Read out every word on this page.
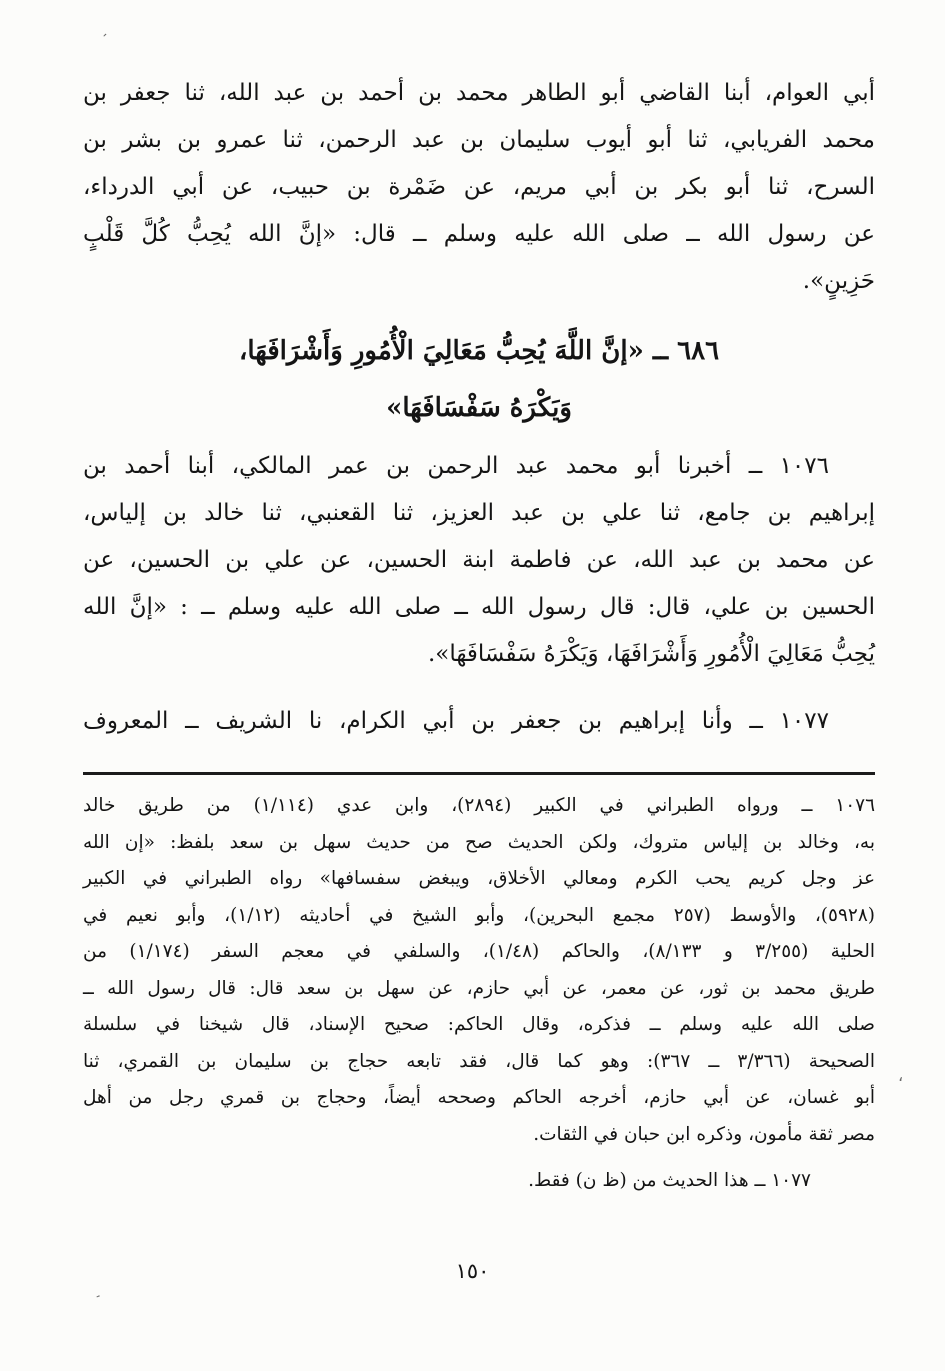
أبي العوام، أبنا القاضي أبو الطاهر محمد بن أحمد بن عبد الله، ثنا جعفر بن
محمد الفريابي، ثنا أبو أيوب سليمان بن عبد الرحمن، ثنا عمرو بن بشر بن
السرح، ثنا أبو بكر بن أبي مريم، عن ضَمْرة بن حبيب، عن أبي الدرداء،
عن رسول الله ــ صلى الله عليه وسلم ــ قال: «إنَّ الله يُحِبُّ كُلَّ قَلْبٍ
حَزِينٍ».
٦٨٦ ــ «إنَّ اللَّهَ يُحِبُّ مَعَالِيَ الْأُمُورِ وَأَشْرَافَهَا،
وَيَكْرَهُ سَفْسَافَهَا»
١٠٧٦ ــ أخبرنا أبو محمد عبد الرحمن بن عمر المالكي، أبنا أحمد بن
إبراهيم بن جامع، ثنا علي بن عبد العزيز، ثنا القعنبي، ثنا خالد بن إلياس،
عن محمد بن عبد الله، عن فاطمة ابنة الحسين، عن علي بن الحسين، عن
الحسين بن علي، قال: قال رسول الله ــ صلى الله عليه وسلم ــ : «إنَّ الله
يُحِبُّ مَعَالِيَ الْأُمُورِ وَأَشْرَافَهَا، وَيَكْرَهُ سَفْسَافَهَا».
١٠٧٧ ــ وأنا إبراهيم بن جعفر بن أبي الكرام، نا الشريف ــ المعروف
١٠٧٦ ــ ورواه الطبراني في الكبير (٢٨٩٤)، وابن عدي (١/١١٤) من طريق خالد
به، وخالد بن إلياس متروك، ولكن الحديث صح من حديث سهل بن سعد بلفظ: «إن الله
عز وجل كريم يحب الكرم ومعالي الأخلاق، ويبغض سفسافها» رواه الطبراني في الكبير
(٥٩٢٨)، والأوسط (٢٥٧ مجمع البحرين)، وأبو الشيخ في أحاديثه (١/١٢)، وأبو نعيم في
الحلية (٣/٢٥٥ و ٨/١٣٣)، والحاكم (١/٤٨)، والسلفي في معجم السفر (١/١٧٤) من
طريق محمد بن ثور، عن معمر، عن أبي حازم، عن سهل بن سعد قال: قال رسول الله ــ
صلى الله عليه وسلم ــ فذكره، وقال الحاكم: صحيح الإسناد، قال شيخنا في سلسلة
الصحيحة (٣/٣٦٦ ــ ٣٦٧): وهو كما قال، فقد تابعه حجاج بن سليمان بن القمري، ثنا
أبو غسان، عن أبي حازم، أخرجه الحاكم وصححه أيضاً، وحجاج بن قمري رجل من أهل
مصر ثقة مأمون، وذكره ابن حبان في الثقات.
١٠٧٧ ــ هذا الحديث من (ظ ن) فقط.
١٥٠
ʹ
،
ʹ
